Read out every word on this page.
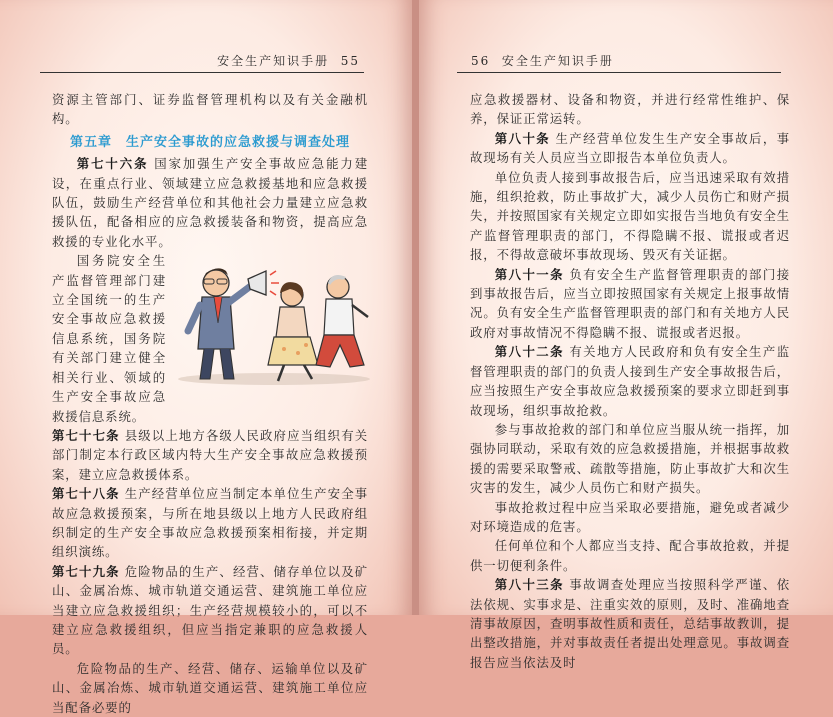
安全生产知识手册 55

资源主管部门、证券监督管理机构以及有关金融机构。

第五章　生产安全事故的应急救援与调查处理

第七十六条 国家加强生产安全事故应急能力建设，在重点行业、领域建立应急救援基地和应急救援队伍，鼓励生产经营单位和其他社会力量建立应急救援队伍，配备相应的应急救援装备和物资，提高应急救援的专业化水平。

国务院安全生产监督管理部门建立全国统一的生产安全事故应急救援信息系统，国务院有关部门建立健全相关行业、领域的生产安全事故应急救援信息系统。

第七十七条 县级以上地方各级人民政府应当组织有关部门制定本行政区域内特大生产安全事故应急救援预案，建立应急救援体系。

第七十八条 生产经营单位应当制定本单位生产安全事故应急救援预案，与所在地县级以上地方人民政府组织制定的生产安全事故应急救援预案相衔接，并定期组织演练。

第七十九条 危险物品的生产、经营、储存单位以及矿山、金属冶炼、城市轨道交通运营、建筑施工单位应当建立应急救援组织；生产经营规模较小的，可以不建立应急救援组织，但应当指定兼职的应急救援人员。

危险物品的生产、经营、储存、运输单位以及矿山、金属冶炼、城市轨道交通运营、建筑施工单位应当配备必要的

56 安全生产知识手册

应急救援器材、设备和物资，并进行经常性维护、保养，保证正常运转。

第八十条 生产经营单位发生生产安全事故后，事故现场有关人员应当立即报告本单位负责人。

单位负责人接到事故报告后，应当迅速采取有效措施，组织抢救，防止事故扩大，减少人员伤亡和财产损失，并按照国家有关规定立即如实报告当地负有安全生产监督管理职责的部门，不得隐瞒不报、谎报或者迟报，不得故意破坏事故现场、毁灭有关证据。

第八十一条 负有安全生产监督管理职责的部门接到事故报告后，应当立即按照国家有关规定上报事故情况。负有安全生产监督管理职责的部门和有关地方人民政府对事故情况不得隐瞒不报、谎报或者迟报。

第八十二条 有关地方人民政府和负有安全生产监督管理职责的部门的负责人接到生产安全事故报告后，应当按照生产安全事故应急救援预案的要求立即赶到事故现场，组织事故抢救。

参与事故抢救的部门和单位应当服从统一指挥，加强协同联动，采取有效的应急救援措施，并根据事故救援的需要采取警戒、疏散等措施，防止事故扩大和次生灾害的发生，减少人员伤亡和财产损失。

事故抢救过程中应当采取必要措施，避免或者减少对环境造成的危害。

任何单位和个人都应当支持、配合事故抢救，并提供一切便利条件。

第八十三条 事故调查处理应当按照科学严谨、依法依规、实事求是、注重实效的原则，及时、准确地查清事故原因，查明事故性质和责任，总结事故教训，提出整改措施，并对事故责任者提出处理意见。事故调查报告应当依法及时
